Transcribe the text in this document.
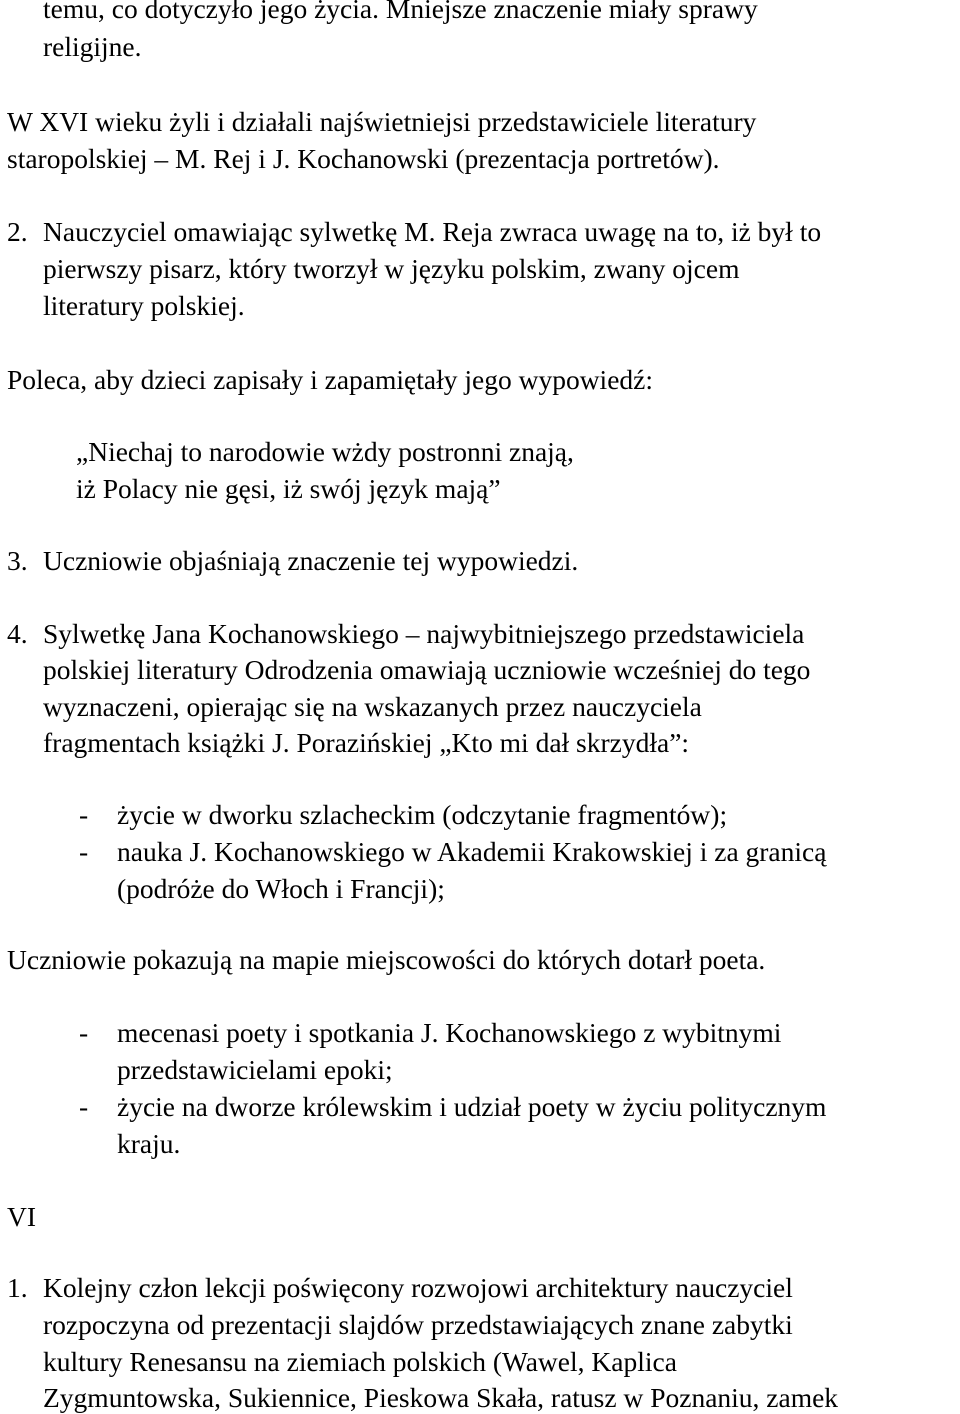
temu, co dotyczyło jego życia. Mniejsze znaczenie miały sprawy
religijne.
W XVI wieku żyli i działali najświetniejsi przedstawiciele literatury
staropolskiej – M. Rej i J. Kochanowski (prezentacja portretów).
2. Nauczyciel omawiając sylwetkę M. Reja zwraca uwagę na to, iż był to
pierwszy pisarz, który tworzył w języku polskim, zwany ojcem
literatury polskiej.
Poleca, aby dzieci zapisały i zapamiętały jego wypowiedź:
„Niechaj to narodowie wżdy postronni znają,
iż Polacy nie gęsi, iż swój język mają”
3. Uczniowie objaśniają znaczenie tej wypowiedzi.
4. Sylwetkę Jana Kochanowskiego – najwybitniejszego przedstawiciela
polskiej literatury Odrodzenia omawiają uczniowie wcześniej do tego
wyznaczeni, opierając się na wskazanych przez nauczyciela
fragmentach książki J. Porazińskiej „Kto mi dał skrzydła”:
- życie w dworku szlacheckim (odczytanie fragmentów);
- nauka J. Kochanowskiego w Akademii Krakowskiej i za granicą
(podróże do Włoch i Francji);
Uczniowie pokazują na mapie miejscowości do których dotarł poeta.
- mecenasi poety i spotkania J. Kochanowskiego z wybitnymi
przedstawicielami epoki;
- życie na dworze królewskim i udział poety w życiu politycznym
kraju.
VI
1. Kolejny człon lekcji poświęcony rozwojowi architektury nauczyciel
rozpoczyna od prezentacji slajdów przedstawiających znane zabytki
kultury Renesansu na ziemiach polskich (Wawel, Kaplica
Zygmuntowska, Sukiennice, Pieskowa Skała, ratusz w Poznaniu, zamek
